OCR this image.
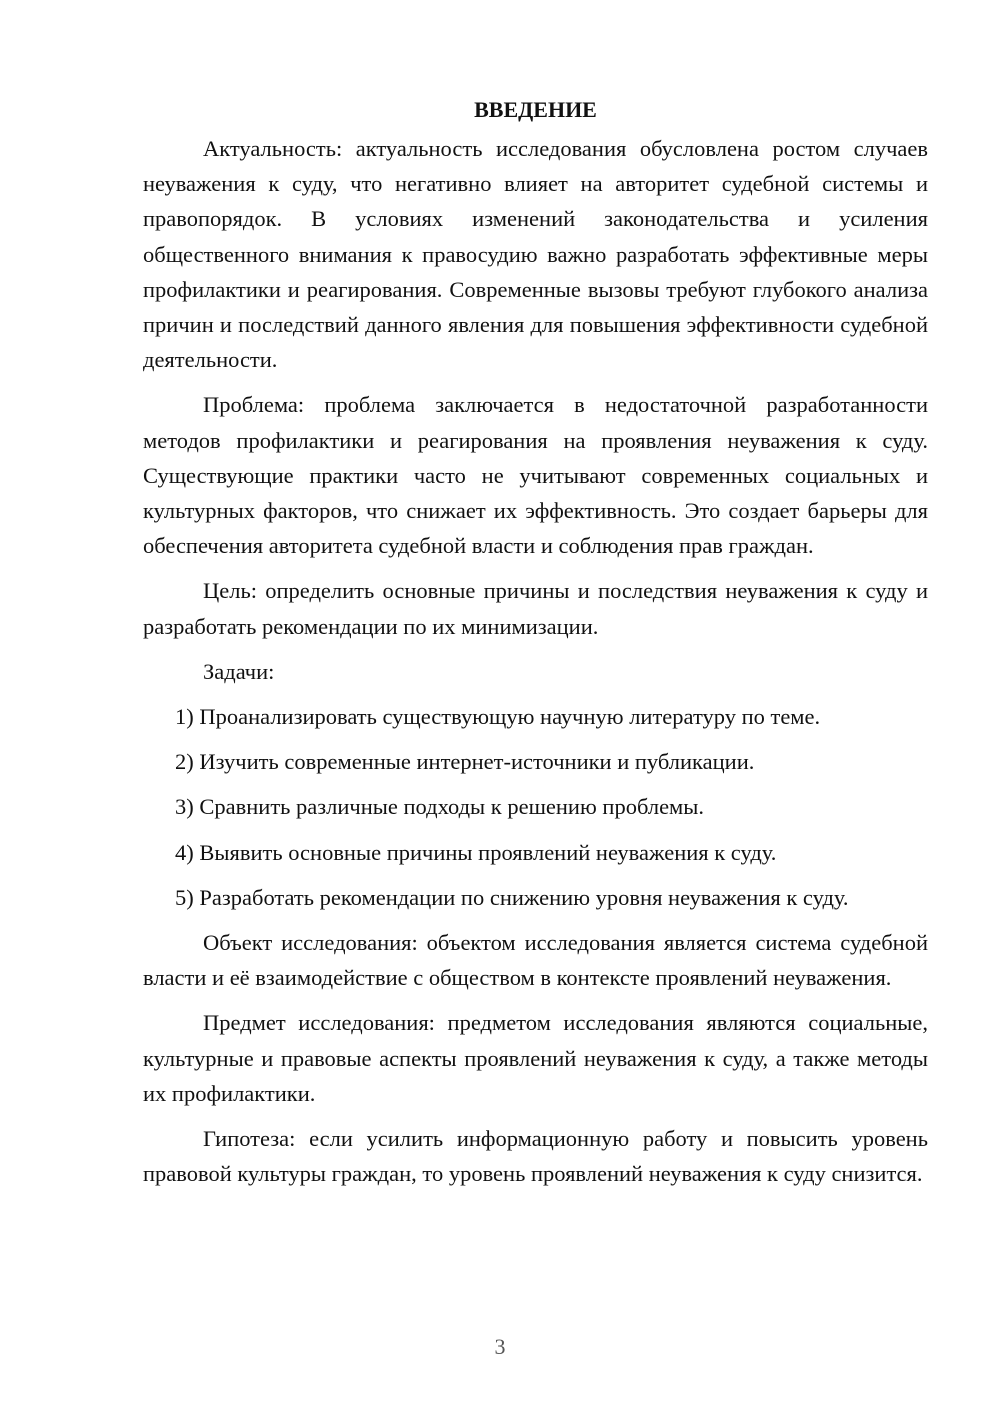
ВВЕДЕНИЕ

Актуальность: актуальность исследования обусловлена ростом случаев неуважения к суду, что негативно влияет на авторитет судебной системы и правопорядок. В условиях изменений законодательства и усиления общественного внимания к правосудию важно разработать эффективные меры профилактики и реагирования. Современные вызовы требуют глубокого анализа причин и последствий данного явления для повышения эффективности судебной деятельности.

Проблема: проблема заключается в недостаточной разработанности методов профилактики и реагирования на проявления неуважения к суду. Существующие практики часто не учитывают современных социальных и культурных факторов, что снижает их эффективность. Это создает барьеры для обеспечения авторитета судебной власти и соблюдения прав граждан.

Цель: определить основные причины и последствия неуважения к суду и разработать рекомендации по их минимизации.

Задачи:

1) Проанализировать существующую научную литературу по теме.
2) Изучить современные интернет-источники и публикации.
3) Сравнить различные подходы к решению проблемы.
4) Выявить основные причины проявлений неуважения к суду.
5) Разработать рекомендации по снижению уровня неуважения к суду.

Объект исследования: объектом исследования является система судебной власти и её взаимодействие с обществом в контексте проявлений неуважения.

Предмет исследования: предметом исследования являются социальные, культурные и правовые аспекты проявлений неуважения к суду, а также методы их профилактики.

Гипотеза: если усилить информационную работу и повысить уровень правовой культуры граждан, то уровень проявлений неуважения к суду снизится.

3
